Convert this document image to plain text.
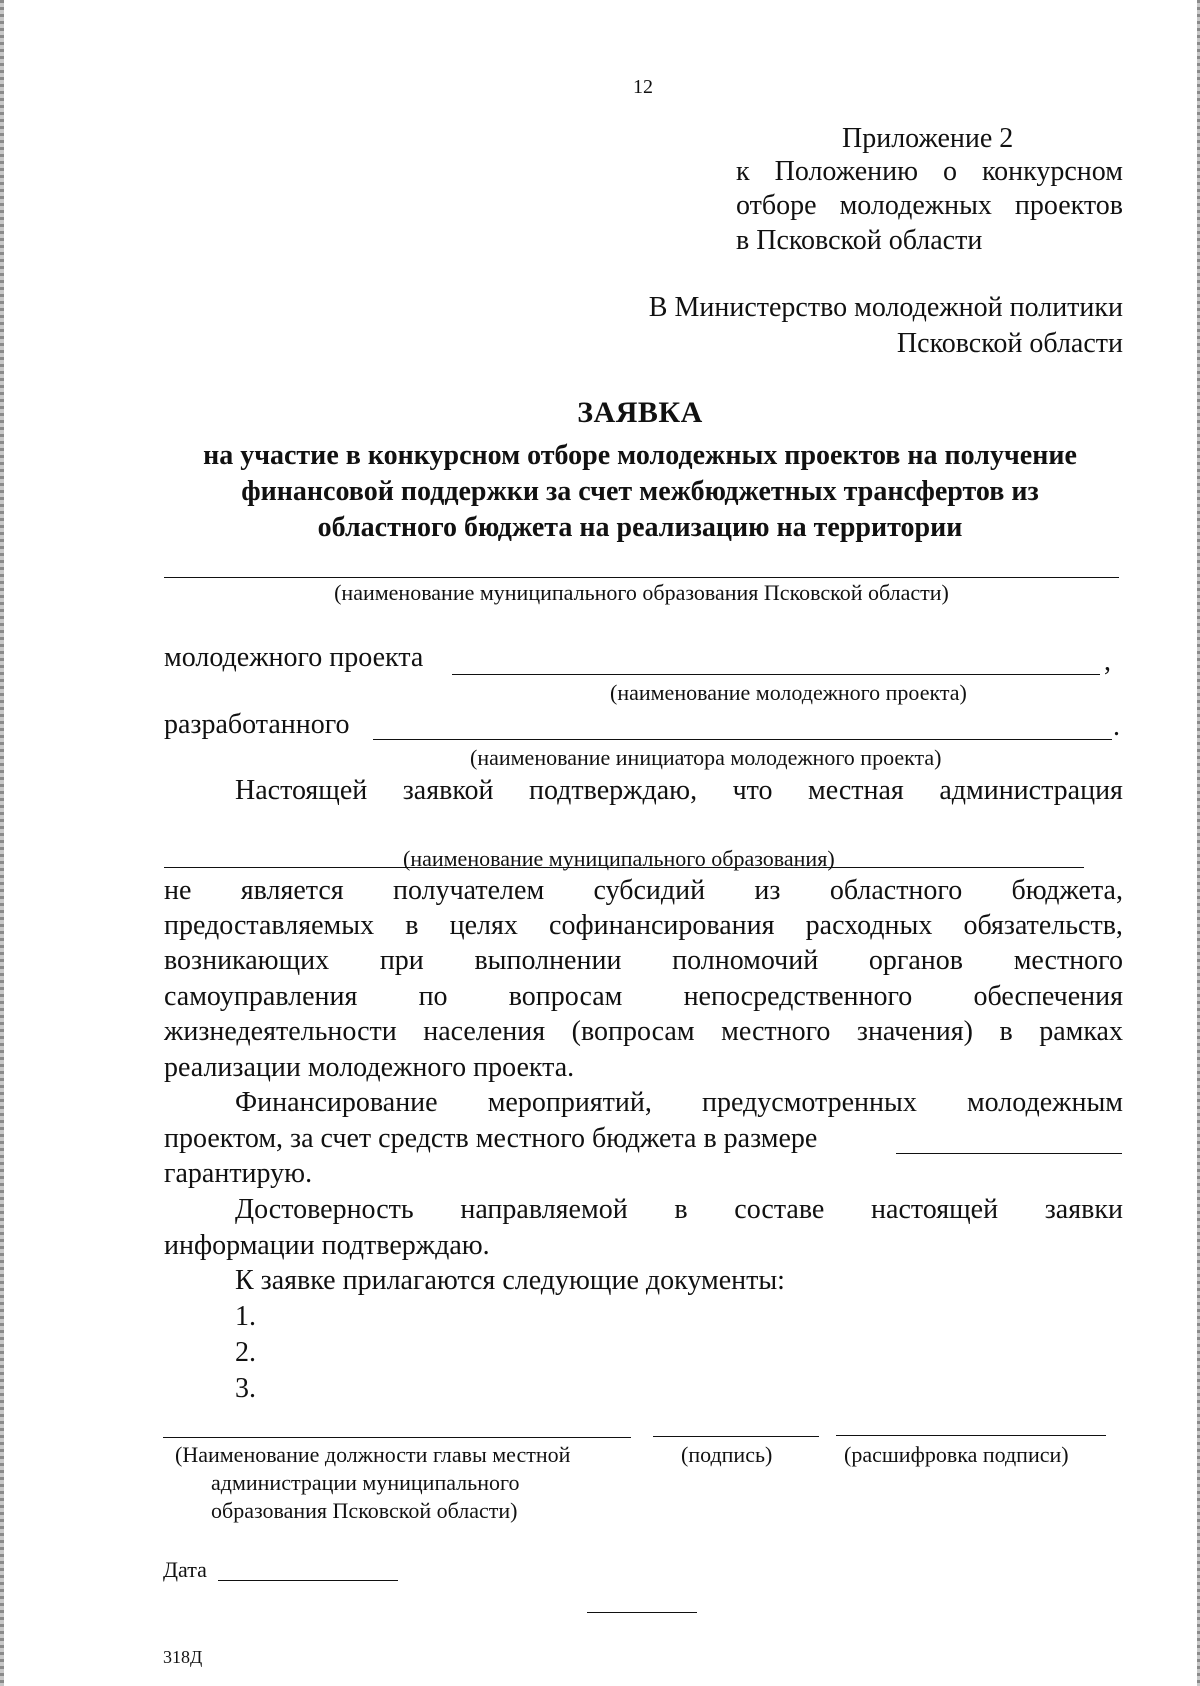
12
Приложение 2
к Положению о конкурсном
отборе молодежных проектов
в Псковской области
В Министерство молодежной политики
Псковской области
ЗАЯВКА
на участие в конкурсном отборе молодежных проектов на получение
финансовой поддержки за счет межбюджетных трансфертов из
областного бюджета на реализацию на территории
(наименование муниципального образования Псковской области)
молодежного проекта	,
(наименование молодежного проекта)
разработанного	.
(наименование инициатора молодежного проекта)
Настоящей заявкой подтверждаю, что местная администрация
(наименование муниципального образования)
не является получателем субсидий из областного бюджета,
предоставляемых в целях софинансирования расходных обязательств,
возникающих при выполнении полномочий органов местного
самоуправления по вопросам непосредственного обеспечения
жизнедеятельности населения (вопросам местного значения) в рамках
реализации молодежного проекта.
Финансирование мероприятий, предусмотренных молодежным
проектом, за счет средств местного бюджета в размере
гарантирую.
Достоверность направляемой в составе настоящей заявки
информации подтверждаю.
К заявке прилагаются следующие документы:
1.
2.
3.
(Наименование должности главы местной
администрации муниципального
образования Псковской области)
(подпись)	(расшифровка подписи)
Дата
318Д
